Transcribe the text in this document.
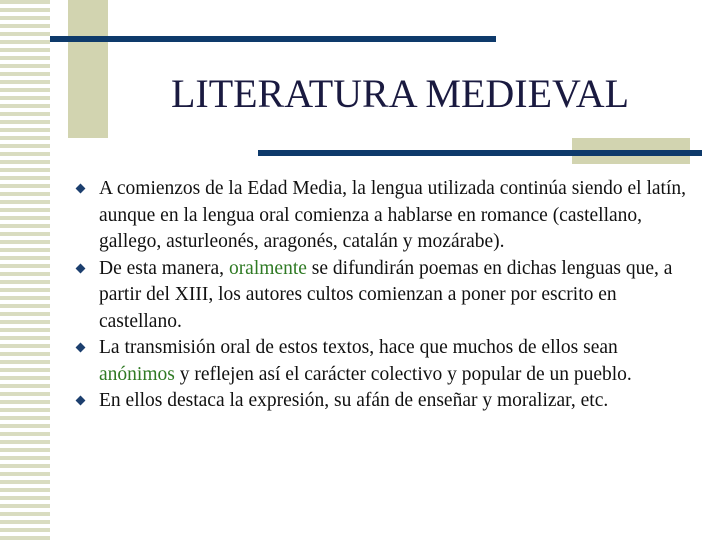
LITERATURA MEDIEVAL
A comienzos de la Edad Media, la lengua utilizada continúa siendo el latín, aunque en la lengua oral comienza a hablarse en romance (castellano, gallego, asturleonés, aragonés, catalán y mozárabe).
De esta manera, oralmente se difundirán poemas en dichas lenguas que, a partir del XIII, los autores cultos comienzan a poner por escrito en castellano.
La transmisión oral de estos textos, hace que muchos de ellos sean anónimos y reflejen así el carácter colectivo y popular de un pueblo.
En ellos destaca la expresión, su afán de enseñar y moralizar, etc.
